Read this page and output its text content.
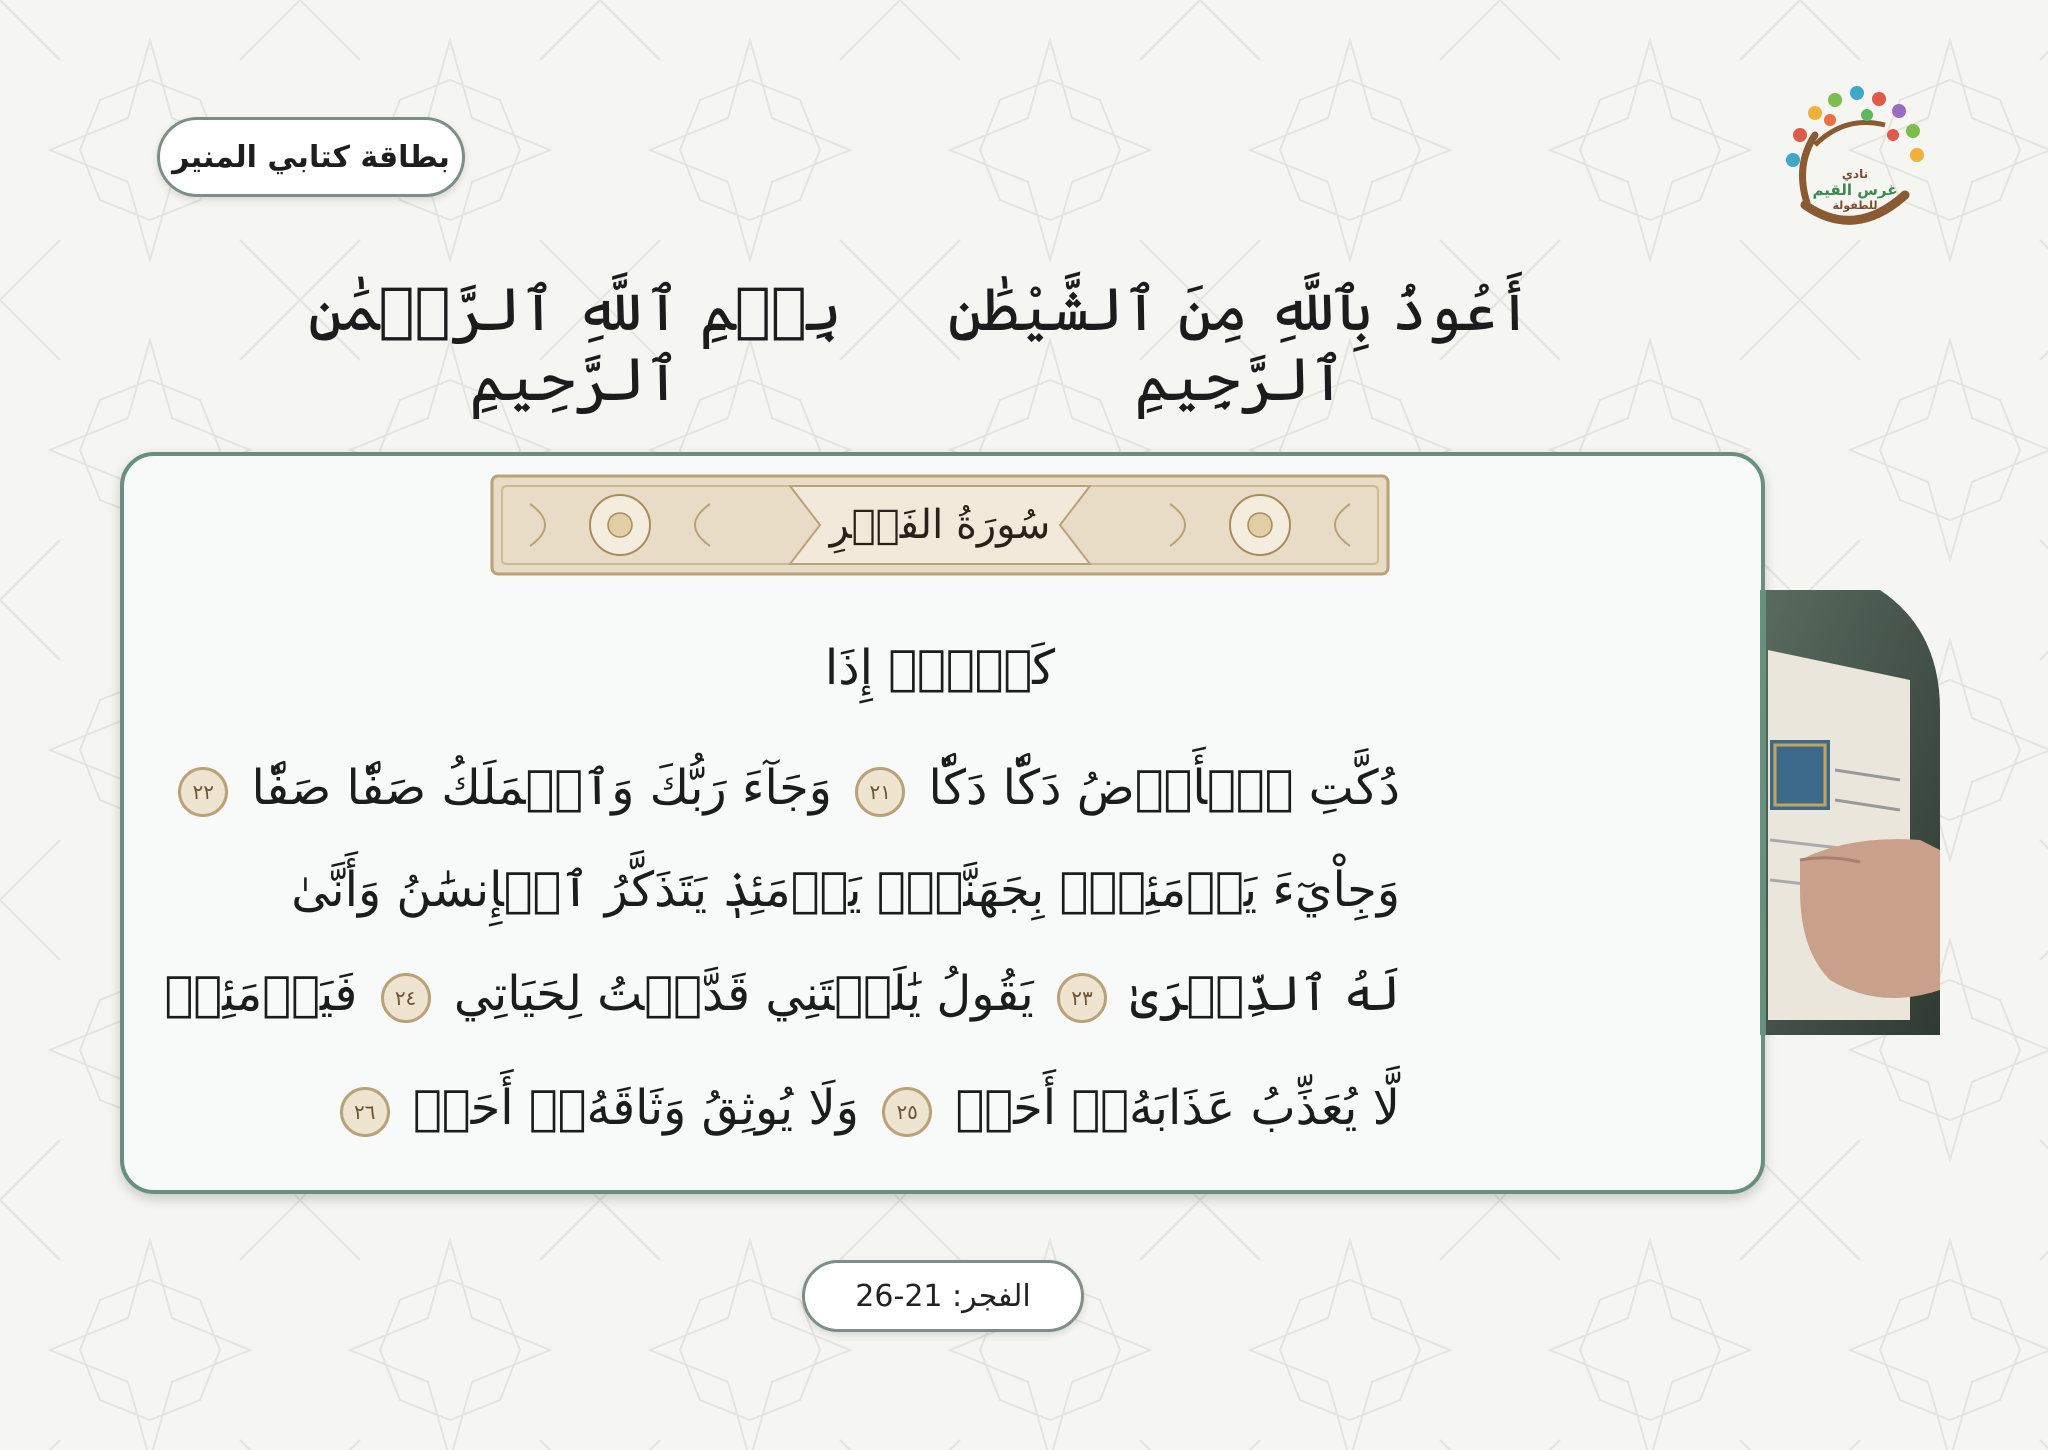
بطاقة كتابي المنير	نادي
غرس القيم
للطفولة
أَعُوذُ بِٱللَّهِ مِنَ ٱلشَّيْطَٰنِ ٱلرَّجِيمِ
بِسۡمِ ٱللَّهِ ٱلرَّحۡمَٰنِ ٱلرَّحِيمِ
سُورَةُ الفَجۡرِ
كَلَّآۖ إِذَا
دُكَّتِ ٱلۡأَرۡضُ دَكّٗا دَكّٗا ٢١ وَجَآءَ رَبُّكَ وَٱلۡمَلَكُ صَفّٗا صَفّٗا ٢٢
وَجِاْيٓءَ يَوۡمَئِذِۭ بِجَهَنَّمَۚ يَوۡمَئِذٖ يَتَذَكَّرُ ٱلۡإِنسَٰنُ وَأَنَّىٰ
لَهُ ٱلذِّكۡرَىٰ ٢٣ يَقُولُ يَٰلَيۡتَنِي قَدَّمۡتُ لِحَيَاتِي ٢٤ فَيَوۡمَئِذٖ
لَّا يُعَذِّبُ عَذَابَهُۥٓ أَحَدٞ ٢٥ وَلَا يُوثِقُ وَثَاقَهُۥٓ أَحَدٞ ٢٦
الفجر: 21-26
